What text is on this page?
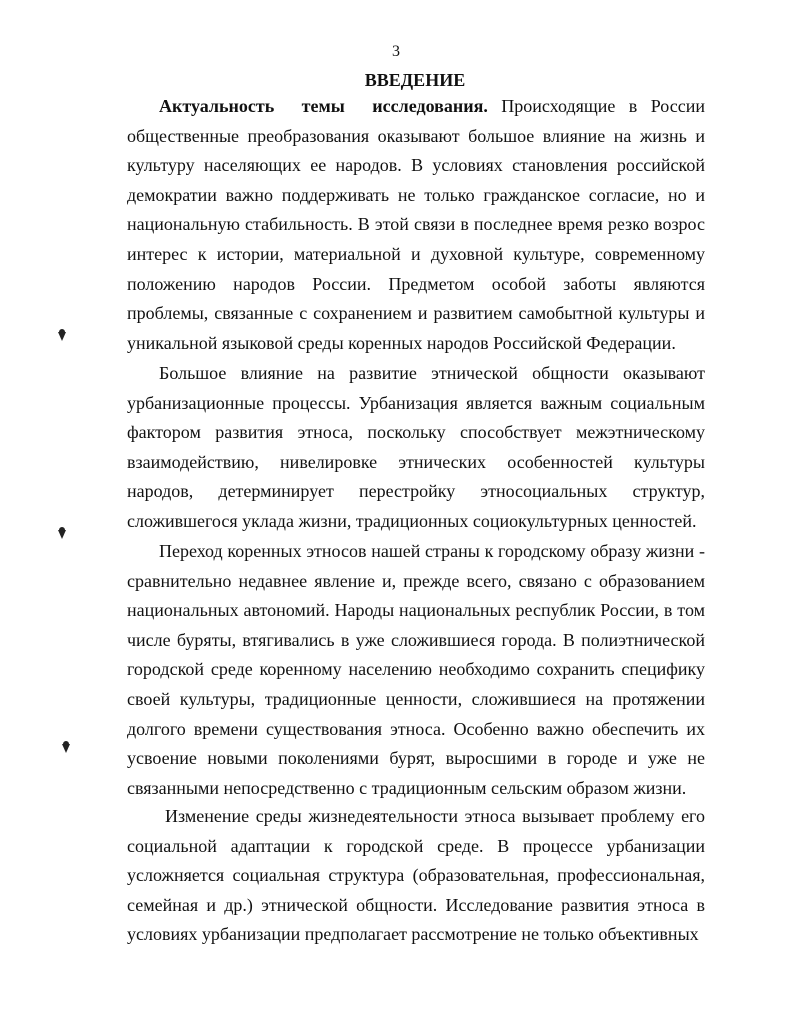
3
ВВЕДЕНИЕ

Актуальность темы исследования. Происходящие в России общественные преобразования оказывают большое влияние на жизнь и культуру населяющих ее народов. В условиях становления российской демократии важно поддерживать не только гражданское согласие, но и национальную стабильность. В этой связи в последнее время резко возрос интерес к истории, материальной и духовной культуре, современному положению народов России. Предметом особой заботы являются проблемы, связанные с сохранением и развитием самобытной культуры и уникальной языковой среды коренных народов Российской Федерации.

Большое влияние на развитие этнической общности оказывают урбанизационные процессы. Урбанизация является важным социальным фактором развития этноса, поскольку способствует межэтническому взаимодействию, нивелировке этнических особенностей культуры народов, детерминирует перестройку этносоциальных структур, сложившегося уклада жизни, традиционных социокультурных ценностей.

Переход коренных этносов нашей страны к городскому образу жизни - сравнительно недавнее явление и, прежде всего, связано с образованием национальных автономий. Народы национальных республик России, в том числе буряты, втягивались в уже сложившиеся города. В полиэтнической городской среде коренному населению необходимо сохранить специфику своей культуры, традиционные ценности, сложившиеся на протяжении долгого времени существования этноса. Особенно важно обеспечить их усвоение новыми поколениями бурят, выросшими в городе и уже не связанными непосредственно с традиционным сельским образом жизни.

Изменение среды жизнедеятельности этноса вызывает проблему его социальной адаптации к городской среде. В процессе урбанизации усложняется социальная структура (образовательная, профессиональная, семейная и др.) этнической общности. Исследование развития этноса в условиях урбанизации предполагает рассмотрение не только объективных
